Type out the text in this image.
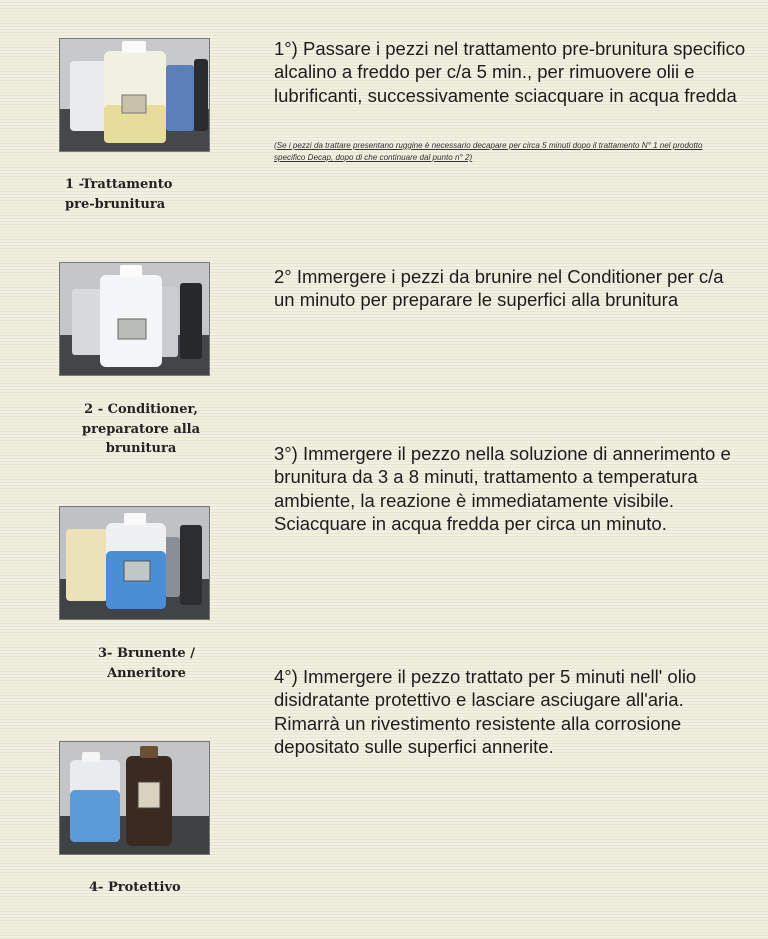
1 -Trattamento
pre-brunitura
1°) Passare i pezzi nel trattamento pre-brunitura specifico alcalino a freddo per c/a 5 min., per rimuovere olii e lubrificanti, successivamente sciacquare in acqua fredda
(Se i pezzi da trattare presentano ruggine è necessario decapare per circa 5 minuti dopo il trattamento N° 1 nel prodotto specifico Decap, dopo di che continuare dal punto n° 2)
2 - Conditioner,
preparatore alla
brunitura
2° Immergere i pezzi da brunire nel Conditioner per c/a un minuto per preparare le superfici alla brunitura
3- Brunente /
Anneritore
3°) Immergere il pezzo nella soluzione di annerimento e brunitura da 3 a 8 minuti, trattamento a temperatura ambiente, la reazione è immediatamente visibile. Sciacquare in acqua fredda per circa un minuto.
4- Protettivo
4°) Immergere il pezzo trattato per 5 minuti nell' olio disidratante protettivo e lasciare asciugare all'aria. Rimarrà un rivestimento resistente alla corrosione depositato sulle superfici annerite.
